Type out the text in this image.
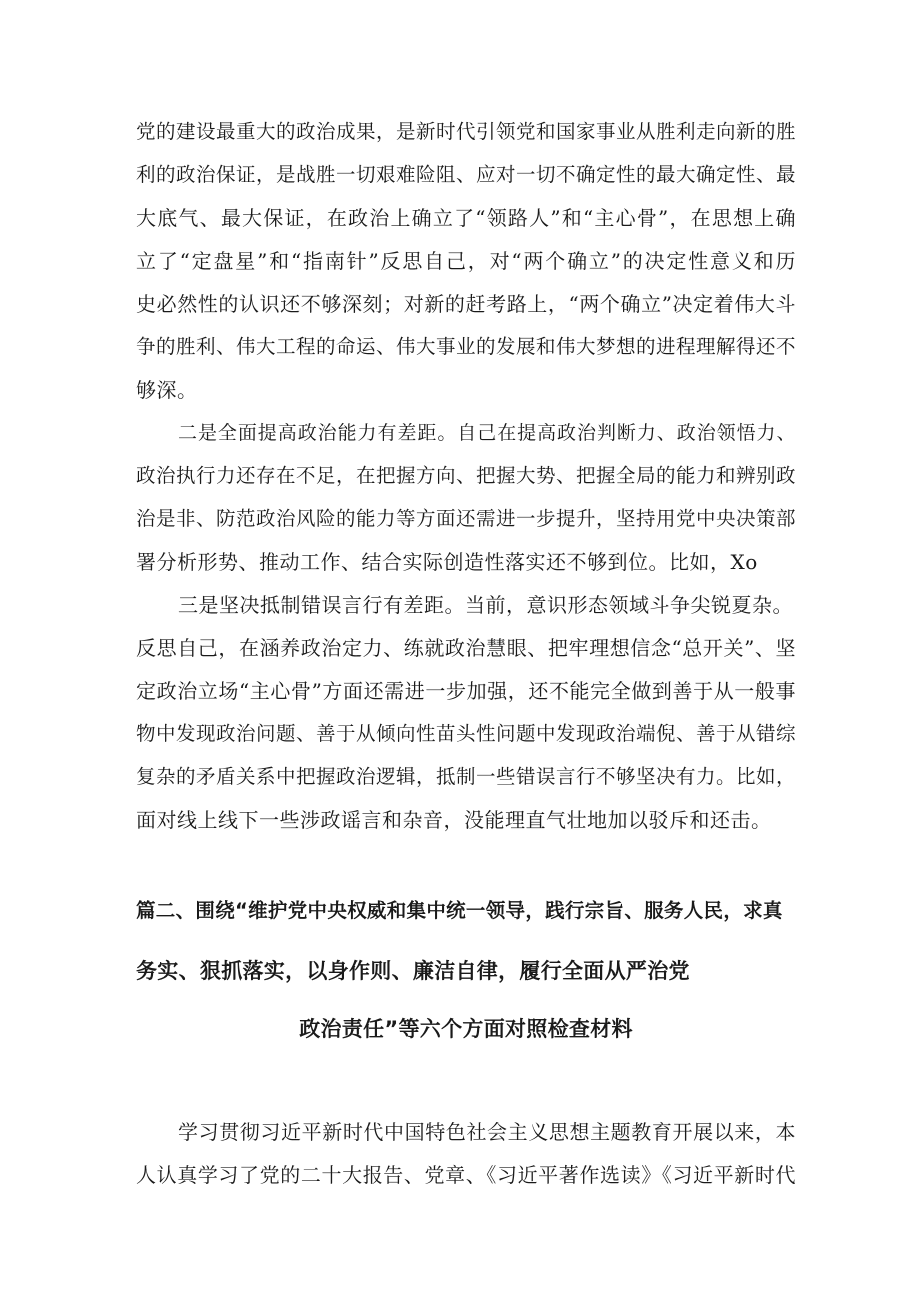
党的建设最重大的政治成果，是新时代引领党和国家事业从胜利走向新的胜
利的政治保证，是战胜一切艰难险阻、应对一切不确定性的最大确定性、最
大底气、最大保证，在政治上确立了“领路人”和“主心骨”，在思想上确
立了“定盘星”和“指南针”反思自己，对“两个确立”的决定性意义和历
史必然性的认识还不够深刻；对新的赶考路上，“两个确立”决定着伟大斗
争的胜利、伟大工程的命运、伟大事业的发展和伟大梦想的进程理解得还不
够深。
二是全面提高政治能力有差距。自己在提高政治判断力、政治领悟力、
政治执行力还存在不足，在把握方向、把握大势、把握全局的能力和辨别政
治是非、防范政治风险的能力等方面还需进一步提升，坚持用党中央决策部
署分析形势、推动工作、结合实际创造性落实还不够到位。比如，Xo
三是坚决抵制错误言行有差距。当前，意识形态领域斗争尖锐夏杂。
反思自己，在涵养政治定力、练就政治慧眼、把牢理想信念“总开关”、坚
定政治立场“主心骨”方面还需进一步加强，还不能完全做到善于从一般事
物中发现政治问题、善于从倾向性苗头性问题中发现政治端倪、善于从错综
复杂的矛盾关系中把握政治逻辑，抵制一些错误言行不够坚决有力。比如，
面对线上线下一些涉政谣言和杂音，没能理直气壮地加以驳斥和还击。
篇二、围绕“维护党中央权威和集中统一领导，践行宗旨、服务人民，求真
务实、狠抓落实，以身作则、廉洁自律，履行全面从严治党
政治责任”等六个方面对照检查材料
学习贯彻习近平新时代中国特色社会主义思想主题教育开展以来，本
人认真学习了党的二十大报告、党章、《习近平著作选读》《习近平新时代
